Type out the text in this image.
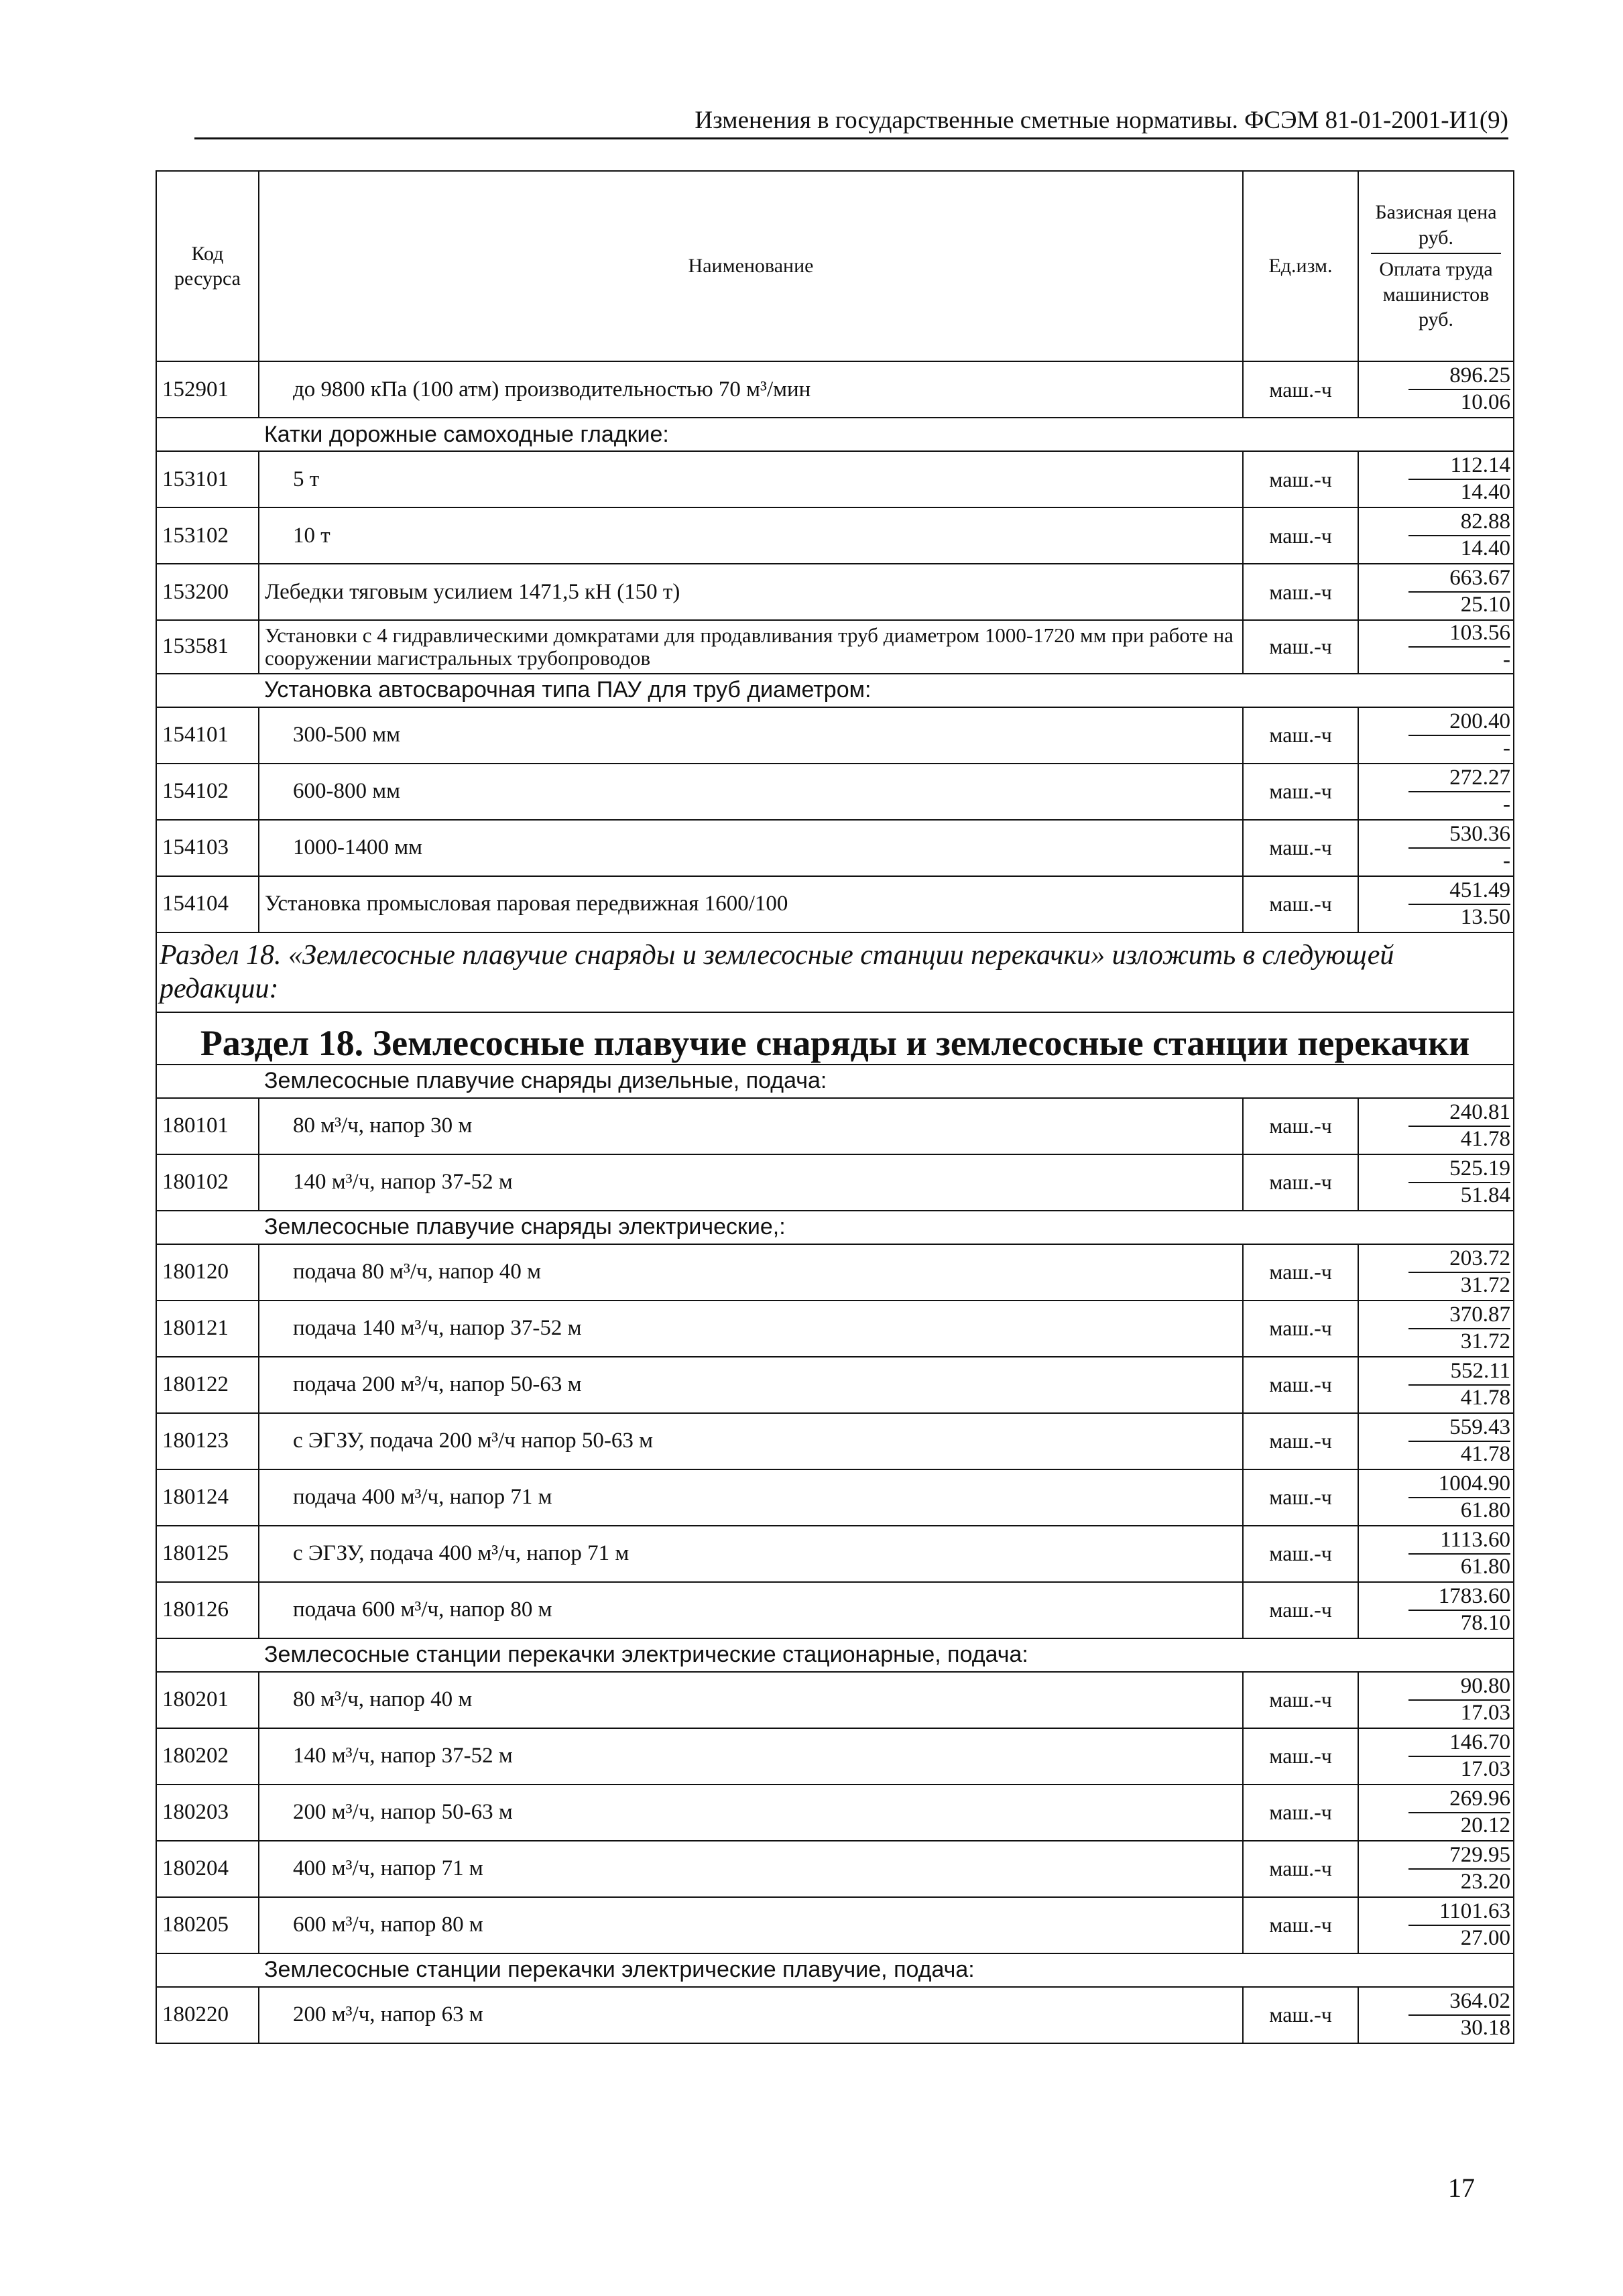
Изменения в государственные сметные нормативы. ФСЭМ 81-01-2001-И1(9)
Код ресурса	Наименование	Ед.изм.	Базисная цена руб.
Оплата труда машинистов руб.

152901	до 9800 кПа (100 атм) производительностью 70 м³/мин	маш.-ч	896.25
10.06

Катки дорожные самоходные гладкие:			
153101	5 т	маш.-ч	112.14
14.40

153102	10 т	маш.-ч	82.88
14.40

153200	Лебедки тяговым усилием 1471,5 кН (150 т)	маш.-ч	663.67
25.10

153581	Установки с 4 гидравлическими домкратами для продавливания труб диаметром 1000-1720 мм при работе на сооружении магистральных трубопроводов	маш.-ч	103.56
-

Установка автосварочная типа ПАУ для труб диаметром:			
154101	300-500 мм	маш.-ч	200.40
-

154102	600-800 мм	маш.-ч	272.27
-

154103	1000-1400 мм	маш.-ч	530.36
-

154104	Установка промысловая паровая передвижная 1600/100	маш.-ч	451.49
13.50

Раздел 18. «Землесосные плавучие снаряды и землесосные станции перекачки» изложить в следующей редакции:			
Раздел 18. Землесосные плавучие снаряды и землесосные станции перекачки			
Землесосные плавучие снаряды дизельные, подача:			
180101	80 м³/ч, напор 30 м	маш.-ч	240.81
41.78

180102	140 м³/ч, напор 37-52 м	маш.-ч	525.19
51.84

Землесосные плавучие снаряды электрические,:			
180120	подача 80 м³/ч, напор 40 м	маш.-ч	203.72
31.72

180121	подача 140 м³/ч, напор 37-52 м	маш.-ч	370.87
31.72

180122	подача 200 м³/ч, напор 50-63 м	маш.-ч	552.11
41.78

180123	с ЭГЗУ, подача 200 м³/ч напор 50-63 м	маш.-ч	559.43
41.78

180124	подача 400 м³/ч, напор 71 м	маш.-ч	1004.90
61.80

180125	с ЭГЗУ, подача 400 м³/ч, напор 71 м	маш.-ч	1113.60
61.80

180126	подача 600 м³/ч, напор 80 м	маш.-ч	1783.60
78.10

Землесосные станции перекачки электрические стационарные, подача:			
180201	80 м³/ч, напор 40 м	маш.-ч	90.80
17.03

180202	140 м³/ч, напор 37-52 м	маш.-ч	146.70
17.03

180203	200 м³/ч, напор 50-63 м	маш.-ч	269.96
20.12

180204	400 м³/ч, напор 71 м	маш.-ч	729.95
23.20

180205	600 м³/ч, напор 80 м	маш.-ч	1101.63
27.00

Землесосные станции перекачки электрические плавучие, подача:			
180220	200 м³/ч, напор 63 м	маш.-ч	364.02
30.18
17
